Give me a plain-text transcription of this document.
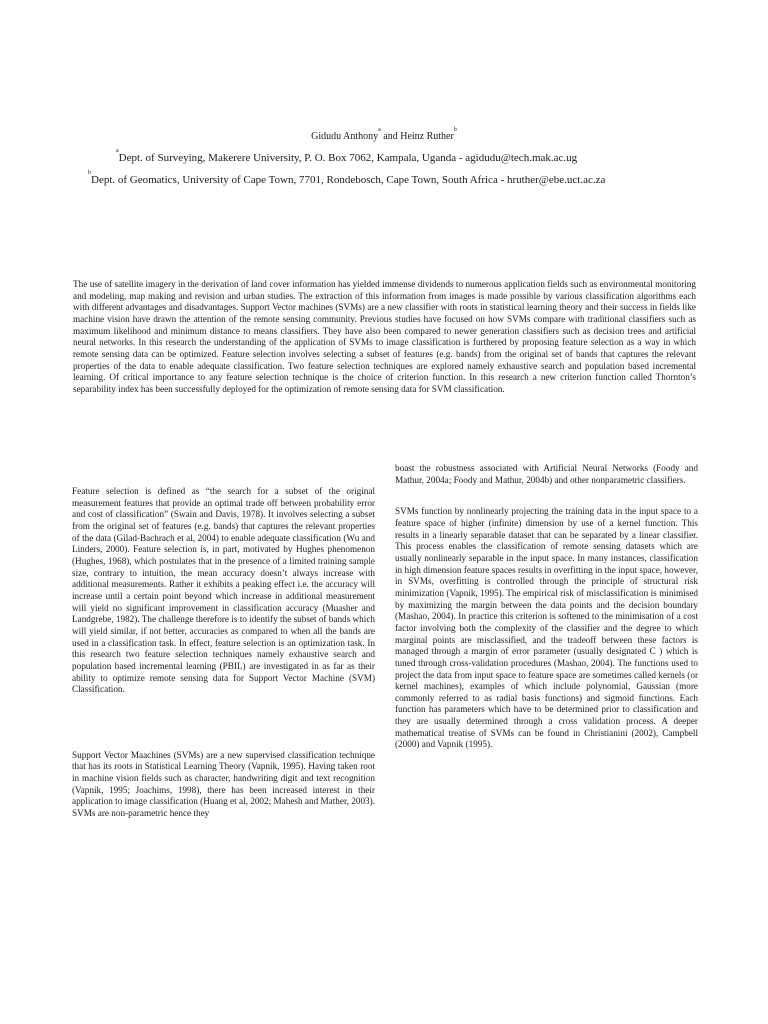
Gidudu Anthony$^a$ and Heinz Ruther$^b$
$^a$Dept. of Surveying, Makerere University, P. O. Box 7062, Kampala, Uganda - agidudu@tech.mak.ac.ug
$^b$Dept. of Geomatics, University of Cape Town, 7701, Rondebosch, Cape Town, South Africa - hruther@ebe.uct.ac.za

The use of satellite imagery in the derivation of land cover information has yielded immense dividends to numerous application fields such as environmental monitoring and modeling, map making and revision and urban studies. The extraction of this information from images is made possible by various classification algorithms each with different advantages and disadvantages. Support Vector machines (SVMs) are a new classifier with roots in statistical learning theory and their success in fields like machine vision have drawn the attention of the remote sensing community. Previous studies have focused on how SVMs compare with traditional classifiers such as maximum likelihood and minimum distance to means classifiers. They have also been compared to newer generation classifiers such as decision trees and artificial neural networks. In this research the understanding of the application of SVMs to image classification is furthered by proposing feature selection as a way in which remote sensing data can be optimized. Feature selection involves selecting a subset of features (e.g. bands) from the original set of bands that captures the relevant properties of the data to enable adequate classification. Two feature selection techniques are explored namely exhaustive search and population based incremental learning. Of critical importance to any feature selection technique is the choice of criterion function. In this research a new criterion function called Thornton’s separability index has been successfully deployed for the optimization of remote sensing data for SVM classification.

Feature selection is defined as “the search for a subset of the original measurement features that provide an optimal trade off between probability error and cost of classification” (Swain and Davis, 1978). It involves selecting a subset from the original set of features (e.g. bands) that captures the relevant properties of the data (Gilad-Bachrach et al, 2004) to enable adequate classification (Wu and Linders, 2000). Feature selection is, in part, motivated by Hughes phenomenon (Hughes, 1968), which postulates that in the presence of a limited training sample size, contrary to intuition, the mean accuracy doesn’t always increase with additional measurements. Rather it exhibits a peaking effect i.e. the accuracy will increase until a certain point beyond which increase in additional measurement will yield no significant improvement in classification accuracy (Muasher and Landgrebe, 1982). The challenge therefore is to identify the subset of bands which will yield similar, if not better, accuracies as compared to when all the bands are used in a classification task. In effect, feature selection is an optimization task. In this research two feature selection techniques namely exhaustive search and population based incremental learning (PBIL) are investigated in as far as their ability to optimize remote sensing data for Support Vector Machine (SVM) Classification.

Support Vector Maachines (SVMs) are a new supervised classification technique that has its roots in Statistical Learning Theory (Vapnik, 1995). Having taken root in machine vision fields such as character, handwriting digit and text recognition (Vapnik, 1995; Joachims, 1998), there has been increased interest in their application to image classification (Huang et al, 2002; Mahesh and Mather, 2003). SVMs are non-parametric hence they

boast the robustness associated with Artificial Neural Networks (Foody and Mathur, 2004a; Foody and Mathur, 2004b) and other nonparametric classifiers.

SVMs function by nonlinearly projecting the training data in the input space to a feature space of higher (infinite) dimension by use of a kernel function. This results in a linearly separable dataset that can be separated by a linear classifier. This process enables the classification of remote sensing datasets which are usually nonlinearly separable in the input space. In many instances, classification in high dimension feature spaces results in overfitting in the input space, however, in SVMs, overfitting is controlled through the principle of structural risk minimization (Vapnik, 1995). The empirical risk of misclassification is minimised by maximizing the margin between the data points and the decision boundary (Mashao, 2004). In practice this criterion is softened to the minimisation of a cost factor involving both the complexity of the classifier and the degree to which marginal points are misclassified, and the tradeoff between these factors is managed through a margin of error parameter (usually designated C ) which is tuned through cross-validation procedures (Mashao, 2004). The functions used to project the data from input space to feature space are sometimes called kernels (or kernel machines), examples of which include polynomial, Gaussian (more commonly referred to as radial basis functions) and sigmoid functions. Each function has parameters which have to be determined prior to classification and they are usually determined through a cross validation process. A deeper mathematical treatise of SVMs can be found in Christianini (2002), Campbell (2000) and Vapnik (1995).
